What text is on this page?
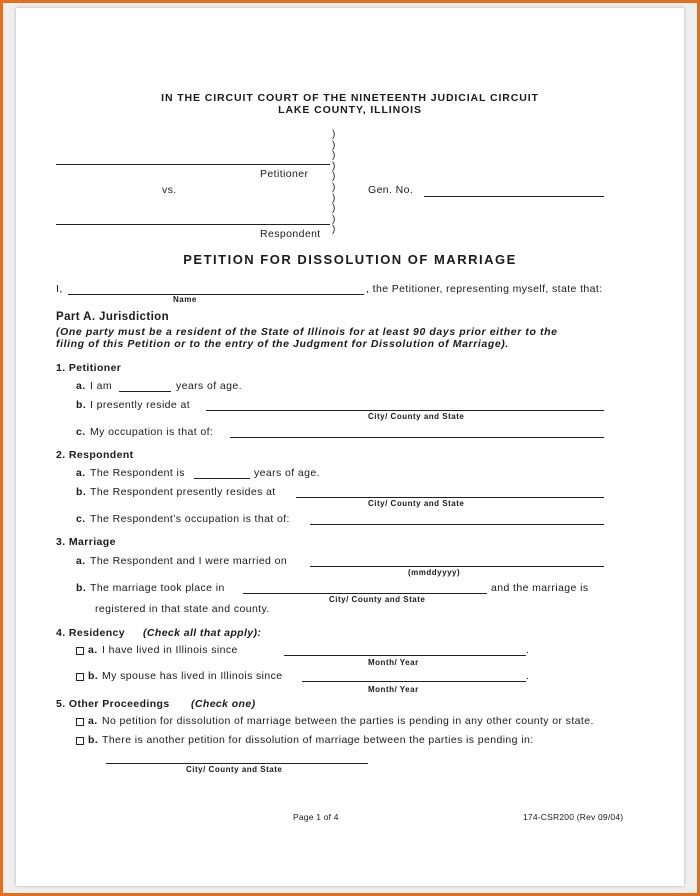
IN THE CIRCUIT COURT OF THE NINETEENTH JUDICIAL CIRCUIT
LAKE COUNTY, ILLINOIS
)
)
)
)
)
)
)
)
)
)
Petitioner
vs.	Gen. No.
Respondent
PETITION FOR DISSOLUTION OF MARRIAGE
I,	, the Petitioner, representing myself, state that:
Name
Part A. Jurisdiction
(One party must be a resident of the State of Illinois for at least 90 days prior either to the
filing of this Petition or to the entry of the Judgment for Dissolution of Marriage).
1. Petitioner
a. I am	years of age.
b. I presently reside at
City/ County and State
c. My occupation is that of:
2. Respondent
a. The Respondent is	years of age.
b. The Respondent presently resides at
City/ County and State
c. The Respondent’s occupation is that of:
3. Marriage
a. The Respondent and I were married on
(mmddyyyy)
b. The marriage took place in	and the marriage is
City/ County and State
registered in that state and county.
4. Residency (Check all that apply):
a. I have lived in Illinois since	.
Month/ Year
b. My spouse has lived in Illinois since	.
Month/ Year
5. Other Proceedings (Check one)
a. No petition for dissolution of marriage between the parties is pending in any other county or state.
b. There is another petition for dissolution of marriage between the parties is pending in:
City/ County and State
Page 1 of 4	174-CSR200 (Rev 09/04)
